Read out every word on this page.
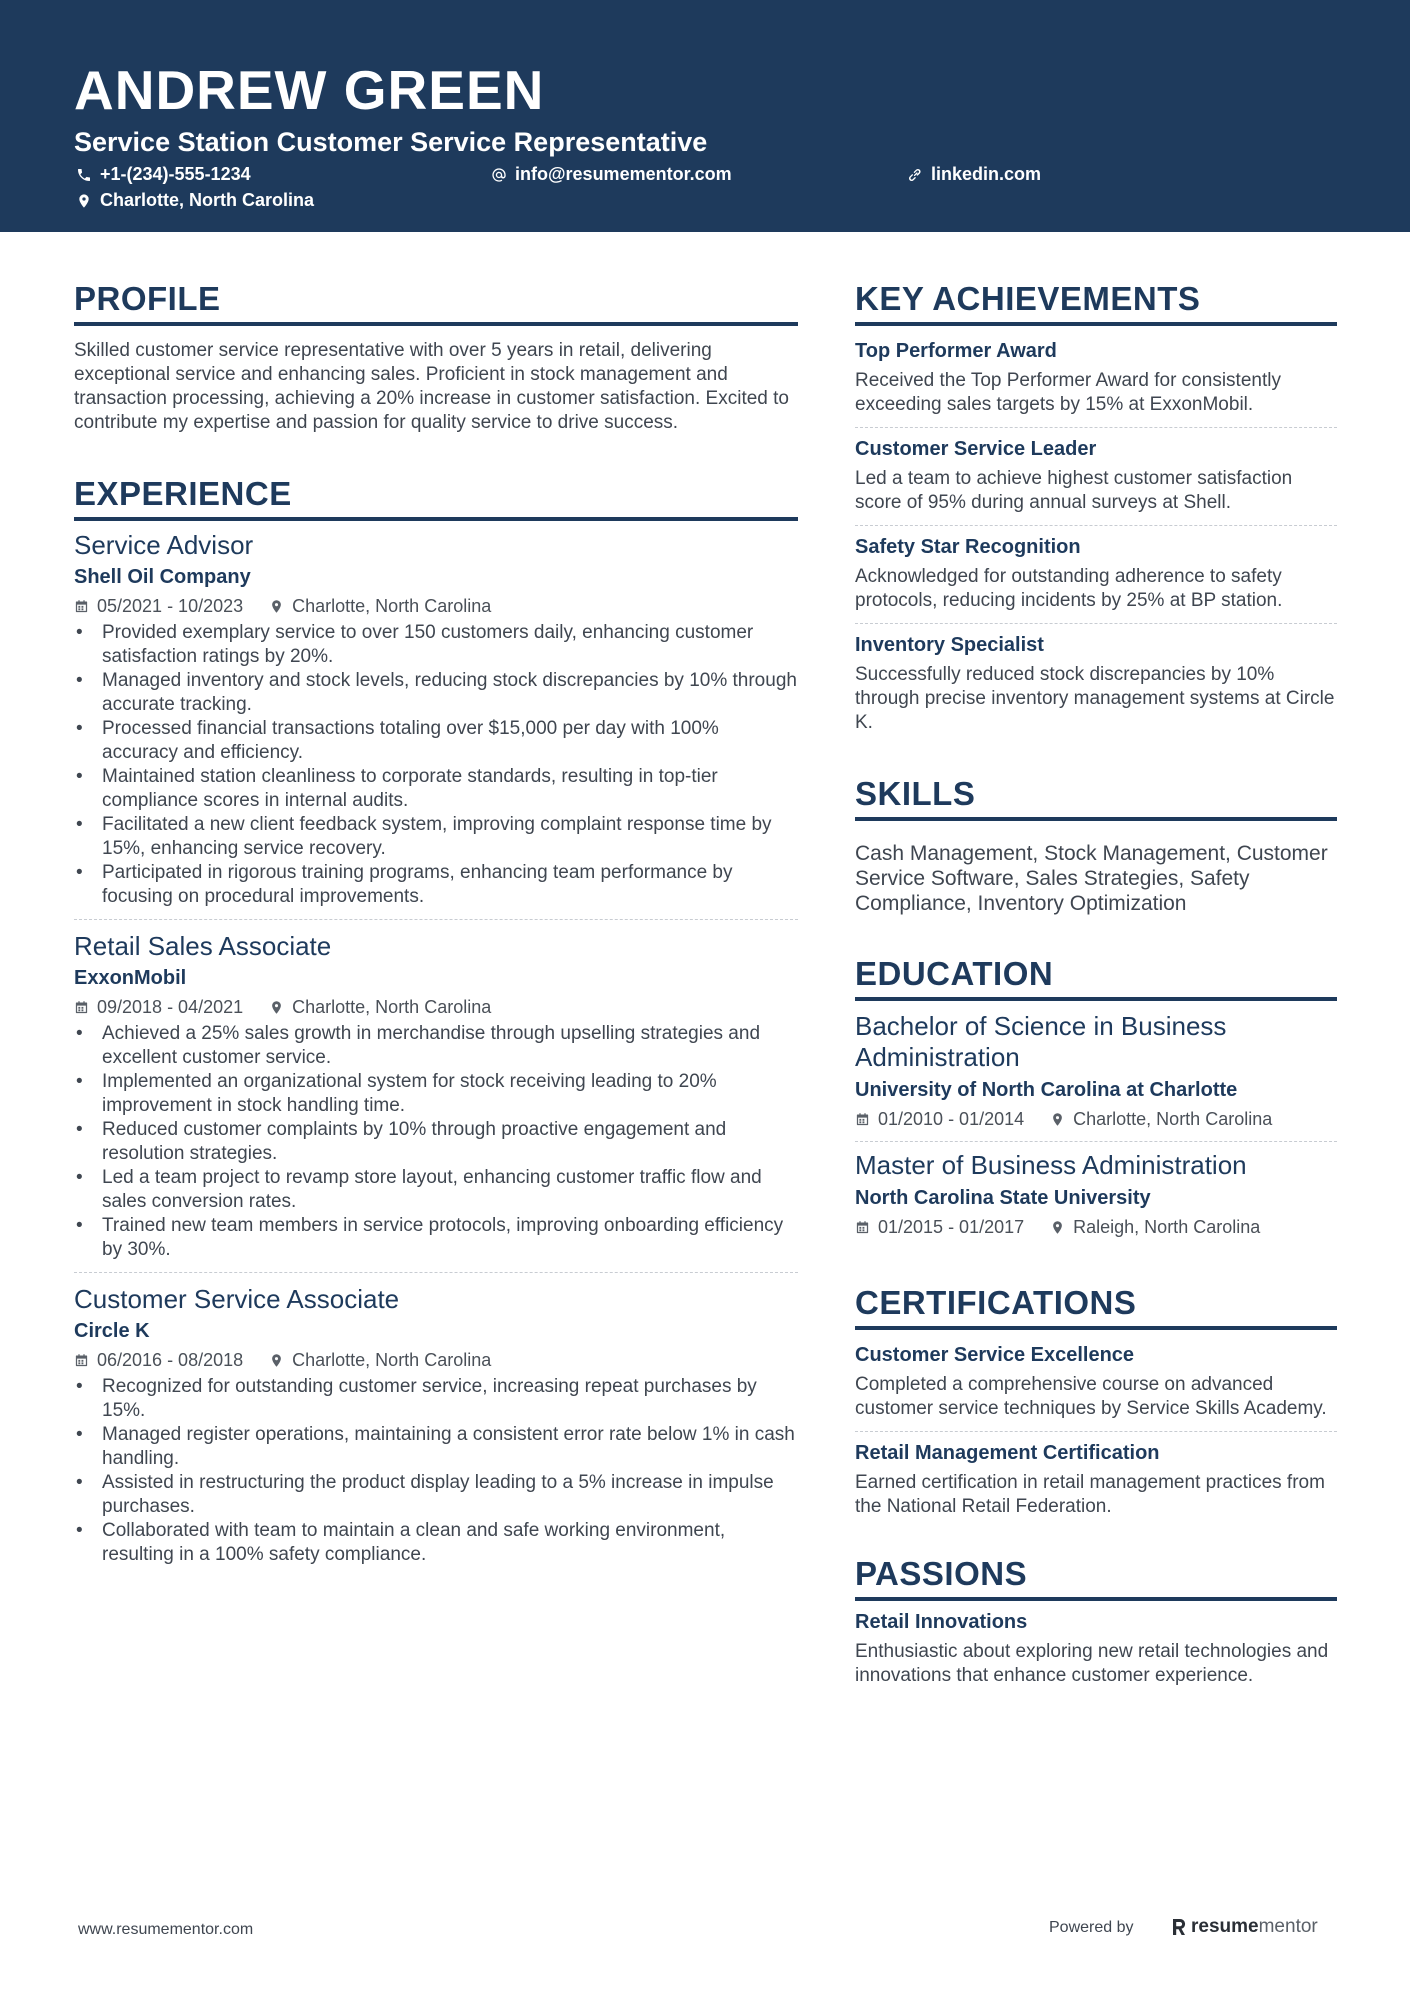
ANDREW GREEN
Service Station Customer Service Representative
+1-(234)-555-1234	info@resumementor.com	linkedin.com
Charlotte, North Carolina
PROFILE

Skilled customer service representative with over 5 years in retail, delivering exceptional service and enhancing sales. Proficient in stock management and transaction processing, achieving a 20% increase in customer satisfaction. Excited to contribute my expertise and passion for quality service to drive success.

EXPERIENCE
Service Advisor
Shell Oil Company
05/2021 - 10/2023	Charlotte, North Carolina
• Provided exemplary service to over 150 customers daily, enhancing customer satisfaction ratings by 20%.
• Managed inventory and stock levels, reducing stock discrepancies by 10% through accurate tracking.
• Processed financial transactions totaling over $15,000 per day with 100% accuracy and efficiency.
• Maintained station cleanliness to corporate standards, resulting in top-tier compliance scores in internal audits.
• Facilitated a new client feedback system, improving complaint response time by 15%, enhancing service recovery.
• Participated in rigorous training programs, enhancing team performance by focusing on procedural improvements.
Retail Sales Associate
ExxonMobil
09/2018 - 04/2021	Charlotte, North Carolina
• Achieved a 25% sales growth in merchandise through upselling strategies and excellent customer service.
• Implemented an organizational system for stock receiving leading to 20% improvement in stock handling time.
• Reduced customer complaints by 10% through proactive engagement and resolution strategies.
• Led a team project to revamp store layout, enhancing customer traffic flow and sales conversion rates.
• Trained new team members in service protocols, improving onboarding efficiency by 30%.
Customer Service Associate
Circle K
06/2016 - 08/2018	Charlotte, North Carolina
• Recognized for outstanding customer service, increasing repeat purchases by 15%.
• Managed register operations, maintaining a consistent error rate below 1% in cash handling.
• Assisted in restructuring the product display leading to a 5% increase in impulse purchases.
• Collaborated with team to maintain a clean and safe working environment, resulting in a 100% safety compliance.
KEY ACHIEVEMENTS
Top Performer Award
Received the Top Performer Award for consistently exceeding sales targets by 15% at ExxonMobil.
Customer Service Leader
Led a team to achieve highest customer satisfaction score of 95% during annual surveys at Shell.
Safety Star Recognition
Acknowledged for outstanding adherence to safety protocols, reducing incidents by 25% at BP station.
Inventory Specialist
Successfully reduced stock discrepancies by 10% through precise inventory management systems at Circle K.
SKILLS

Cash Management, Stock Management, Customer Service Software, Sales Strategies, Safety Compliance, Inventory Optimization

EDUCATION
Bachelor of Science in Business Administration
University of North Carolina at Charlotte
01/2010 - 01/2014	Charlotte, North Carolina
Master of Business Administration
North Carolina State University
01/2015 - 01/2017	Raleigh, North Carolina
CERTIFICATIONS
Customer Service Excellence
Completed a comprehensive course on advanced customer service techniques by Service Skills Academy.
Retail Management Certification
Earned certification in retail management practices from the National Retail Federation.
PASSIONS
Retail Innovations
Enthusiastic about exploring new retail technologies and innovations that enhance customer experience.
www.resumementor.com	Powered by	resumementor
